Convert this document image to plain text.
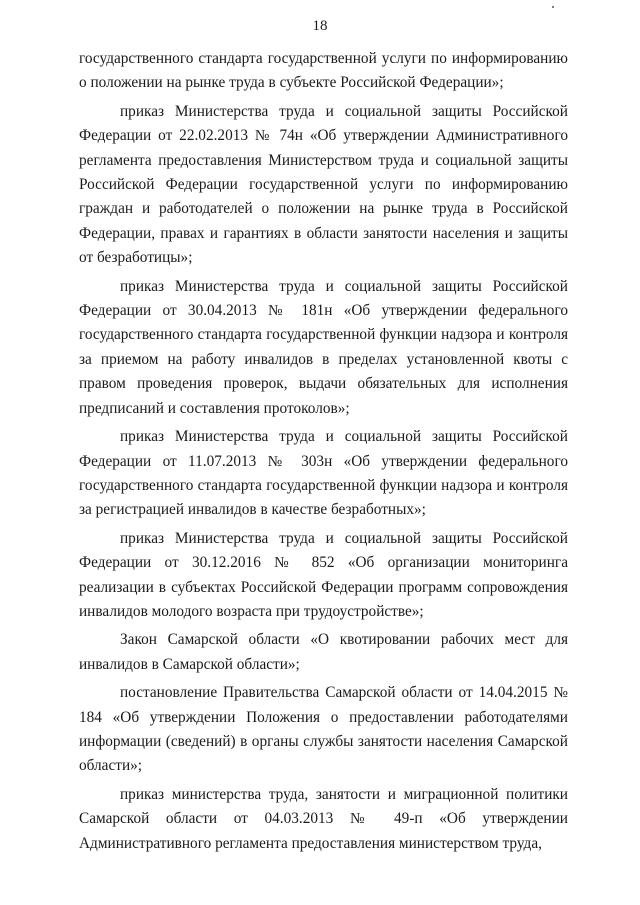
18

государственного стандарта государственной услуги по информированию о положении на рынке труда в субъекте Российской Федерации»;

приказ Министерства труда и социальной защиты Российской Федерации от 22.02.2013 № 74н «Об утверждении Административного регламента предоставления Министерством труда и социальной защиты Российской Федерации государственной услуги по информированию граждан и работодателей о положении на рынке труда в Российской Федерации, правах и гарантиях в области занятости населения и защиты от безработицы»;

приказ Министерства труда и социальной защиты Российской Федерации от 30.04.2013 № 181н «Об утверждении федерального государственного стандарта государственной функции надзора и контроля за приемом на работу инвалидов в пределах установленной квоты с правом проведения проверок, выдачи обязательных для исполнения предписаний и составления протоколов»;

приказ Министерства труда и социальной защиты Российской Федерации от 11.07.2013 № 303н «Об утверждении федерального государственного стандарта государственной функции надзора и контроля за регистрацией инвалидов в качестве безработных»;

приказ Министерства труда и социальной защиты Российской Федерации от 30.12.2016 № 852 «Об организации мониторинга реализации в субъектах Российской Федерации программ сопровождения инвалидов молодого возраста при трудоустройстве»;

Закон Самарской области «О квотировании рабочих мест для инвалидов в Самарской области»;

постановление Правительства Самарской области от 14.04.2015 № 184 «Об утверждении Положения о предоставлении работодателями информации (сведений) в органы службы занятости населения Самарской области»;

приказ министерства труда, занятости и миграционной политики Самарской области от 04.03.2013 № 49-п «Об утверждении Административного регламента предоставления министерством труда,
